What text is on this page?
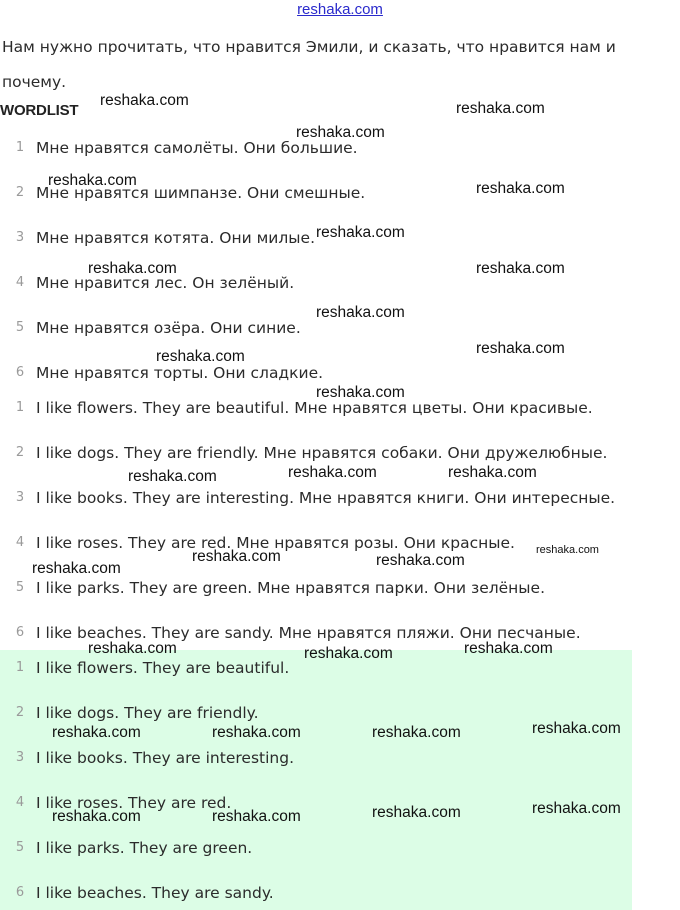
reshaka.com
Нам нужно прочитать, что нравится Эмили, и сказать, что нравится нам и почему.
WORDLIST
1 Мне нравятся самолёты. Они большие.
2 Мне нравятся шимпанзе. Они смешные.
3 Мне нравятся котята. Они милые.
4 Мне нравится лес. Он зелёный.
5 Мне нравятся озёра. Они синие.
6 Мне нравятся торты. Они сладкие.
1 I like flowers. They are beautiful. Мне нравятся цветы. Они красивые.
2 I like dogs. They are friendly. Мне нравятся собаки. Они дружелюбные.
3 I like books. They are interesting. Мне нравятся книги. Они интересные.
4 I like roses. They are red. Мне нравятся розы. Они красные.
5 I like parks. They are green. Мне нравятся парки. Они зелёные.
6 I like beaches. They are sandy. Мне нравятся пляжи. Они песчаные.
1 I like flowers. They are beautiful.
2 I like dogs. They are friendly.
3 I like books. They are interesting.
4 I like roses. They are red.
5 I like parks. They are green.
6 I like beaches. They are sandy.
reshaka.com	reshaka.com
reshaka.com
reshaka.com	reshaka.com
reshaka.com
reshaka.com	reshaka.com
reshaka.com
reshaka.com
reshaka.com
reshaka.com
reshaka.com	reshaka.com	reshaka.com
reshaka.com
reshaka.com	reshaka.com
reshaka.com
reshaka.com	reshaka.com	reshaka.com
reshaka.com	reshaka.com	reshaka.com	reshaka.com
reshaka.com
reshaka.com
reshaka.com	reshaka.com
